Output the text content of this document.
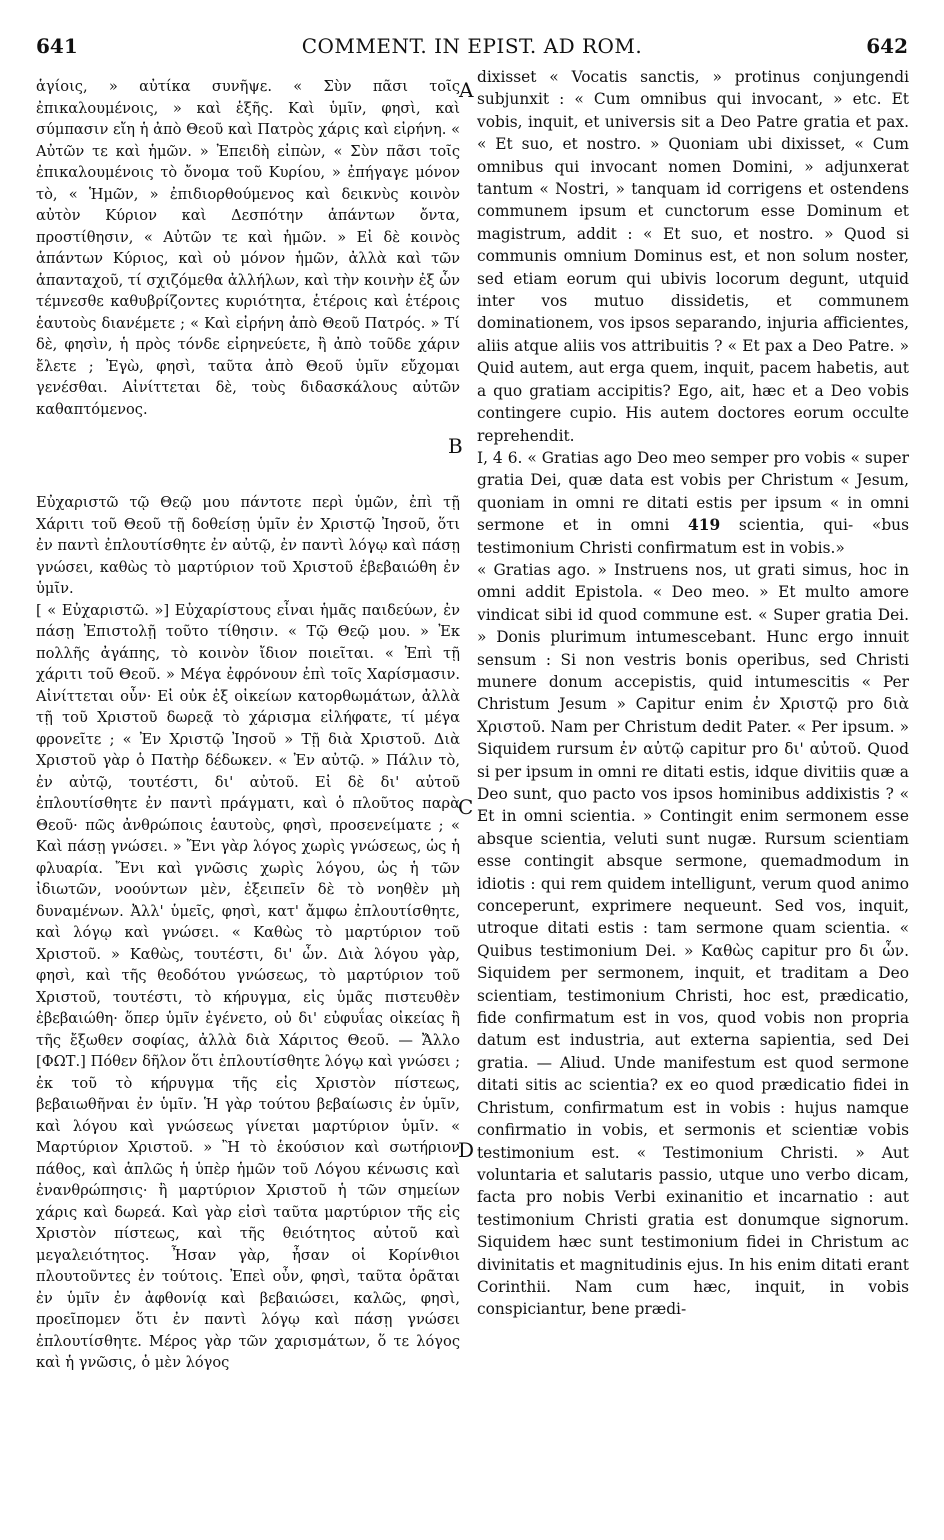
641	COMMENT. IN EPIST. AD ROM.	642

ἁγίοις, » αὐτίκα συνῆψε. « Σὺν πᾶσι τοῖς ἐπικαλουμένοις, » καὶ ἑξῆς. Καὶ ὑμῖν, φησὶ, καὶ σύμπασιν εἴη ἡ ἀπὸ Θεοῦ καὶ Πατρὸς χάρις καὶ εἰρήνη. « Αὐτῶν τε καὶ ἡμῶν. » Ἐπειδὴ εἰπὼν, « Σὺν πᾶσι τοῖς ἐπικαλουμένοις τὸ ὄνομα τοῦ Κυρίου, » ἐπήγαγε μόνον τὸ, « Ἡμῶν, » ἐπιδιορθούμενος καὶ δεικνὺς κοινὸν αὐτὸν Κύριον καὶ Δεσπότην ἁπάντων ὄντα, προστίθησιν, « Αὐτῶν τε καὶ ἡμῶν. » Εἰ δὲ κοινὸς ἁπάντων Κύριος, καὶ οὐ μόνον ἡμῶν, ἀλλὰ καὶ τῶν ἁπανταχοῦ, τί σχιζόμεθα ἀλλήλων, καὶ τὴν κοινὴν ἐξ ὧν τέμνεσθε καθυβρίζοντες κυριότητα, ἑτέροις καὶ ἑτέροις ἑαυτοὺς διανέμετε ; « Καὶ εἰρήνη ἀπὸ Θεοῦ Πατρός. » Τί δὲ, φησὶν, ἡ πρὸς τόνδε εἰρηνεύετε, ἢ ἀπὸ τοῦδε χάριν ἔλετε ; Ἐγὼ, φησὶ, ταῦτα ἀπὸ Θεοῦ ὑμῖν εὔχομαι γενέσθαι. Αἰνίττεται δὲ, τοὺς διδασκάλους αὐτῶν καθαπτόμενος.

Εὐχαριστῶ τῷ Θεῷ μου πάντοτε περὶ ὑμῶν, ἐπὶ τῇ Χάριτι τοῦ Θεοῦ τῇ δοθείσῃ ὑμῖν ἐν Χριστῷ Ἰησοῦ, ὅτι ἐν παντὶ ἐπλουτίσθητε ἐν αὐτῷ, ἐν παντὶ λόγῳ καὶ πάσῃ γνώσει, καθὼς τὸ μαρτύριον τοῦ Χριστοῦ ἐβεβαιώθη ἐν ὑμῖν.

[ « Εὐχαριστῶ. »] Εὐχαρίστους εἶναι ἡμᾶς παιδεύων, ἐν πάσῃ Ἐπιστολῇ τοῦτο τίθησιν. « Τῷ Θεῷ μου. » Ἐκ πολλῆς ἀγάπης, τὸ κοινὸν ἴδιον ποιεῖται. « Ἐπὶ τῇ χάριτι τοῦ Θεοῦ. » Μέγα ἐφρόνουν ἐπὶ τοῖς Χαρίσμασιν. Αἰνίττεται οὖν· Εἰ οὐκ ἐξ οἰκείων κατορθωμάτων, ἀλλὰ τῇ τοῦ Χριστοῦ δωρεᾷ τὸ χάρισμα εἰλήφατε, τί μέγα φρονεῖτε ; « Ἐν Χριστῷ Ἰησοῦ » Τῇ διὰ Χριστοῦ. Διὰ Χριστοῦ γὰρ ὁ Πατὴρ δέδωκεν. « Ἐν αὐτῷ. » Πάλιν τὸ, ἐν αὐτῷ, τουτέστι, δι' αὐτοῦ. Εἰ δὲ δι' αὐτοῦ ἐπλουτίσθητε ἐν παντὶ πράγματι, καὶ ὁ πλοῦτος παρὰ Θεοῦ· πῶς ἀνθρώποις ἑαυτοὺς, φησὶ, προσενείματε ; « Καὶ πάσῃ γνώσει. » Ἔνι γὰρ λόγος χωρὶς γνώσεως, ὡς ἡ φλυαρία. Ἔνι καὶ γνῶσις χωρὶς λόγου, ὡς ἡ τῶν ἰδιωτῶν, νοούντων μὲν, ἐξειπεῖν δὲ τὸ νοηθὲν μὴ δυναμένων. Ἀλλ' ὑμεῖς, φησὶ, κατ' ἄμφω ἐπλουτίσθητε, καὶ λόγῳ καὶ γνώσει. « Καθὼς τὸ μαρτύριον τοῦ Χριστοῦ. » Καθὼς, τουτέστι, δι' ὧν. Διὰ λόγου γὰρ, φησὶ, καὶ τῆς θεοδότου γνώσεως, τὸ μαρτύριον τοῦ Χριστοῦ, τουτέστι, τὸ κήρυγμα, εἰς ὑμᾶς πιστευθὲν ἐβεβαιώθη· ὅπερ ὑμῖν ἐγένετο, οὐ δι' εὐφυΐας οἰκείας ἢ τῆς ἔξωθεν σοφίας, ἀλλὰ διὰ Χάριτος Θεοῦ. — Ἄλλο [ΦΩΤ.] Πόθεν δῆλον ὅτι ἐπλουτίσθητε λόγῳ καὶ γνώσει ; ἐκ τοῦ τὸ κήρυγμα τῆς εἰς Χριστὸν πίστεως, βεβαιωθῆναι ἐν ὑμῖν. Ἡ γὰρ τούτου βεβαίωσις ἐν ὑμῖν, καὶ λόγου καὶ γνώσεως γίνεται μαρτύριον ὑμῖν. « Μαρτύριον Χριστοῦ. » Ἢ τὸ ἑκούσιον καὶ σωτήριον πάθος, καὶ ἁπλῶς ἡ ὑπὲρ ἡμῶν τοῦ Λόγου κένωσις καὶ ἐνανθρώπησις· ἢ μαρτύριον Χριστοῦ ἡ τῶν σημείων χάρις καὶ δωρεά. Καὶ γὰρ εἰσὶ ταῦτα μαρτύριον τῆς εἰς Χριστὸν πίστεως, καὶ τῆς θειότητος αὐτοῦ καὶ μεγαλειότητος. Ἦσαν γὰρ, ἦσαν οἱ Κορίνθιοι πλουτοῦντες ἐν τούτοις. Ἐπεὶ οὖν, φησὶ, ταῦτα ὁρᾶται ἐν ὑμῖν ἐν ἀφθονίᾳ καὶ βεβαιώσει, καλῶς, φησὶ, προεῖπομεν ὅτι ἐν παντὶ λόγῳ καὶ πάσῃ γνώσει ἐπλουτίσθητε. Μέρος γὰρ τῶν χαρισμάτων, ὅ τε λόγος καὶ ἡ γνῶσις, ὁ μὲν λόγος

dixisset « Vocatis sanctis, » protinus conjungendi subjunxit : « Cum omnibus qui invocant, » etc. Et vobis, inquit, et universis sit a Deo Patre gratia et pax. « Et suo, et nostro. » Quoniam ubi dixisset, « Cum omnibus qui invocant nomen Domini, » adjunxerat tantum « Nostri, » tanquam id corrigens et ostendens communem ipsum et cunctorum esse Dominum et magistrum, addit : « Et suo, et nostro. » Quod si communis omnium Dominus est, et non solum noster, sed etiam eorum qui ubivis locorum degunt, utquid inter vos mutuo dissidetis, et communem dominationem, vos ipsos separando, injuria afficientes, aliis atque aliis vos attribuitis ? « Et pax a Deo Patre. » Quid autem, aut erga quem, inquit, pacem habetis, aut a quo gratiam accipitis? Ego, ait, hæc et a Deo vobis contingere cupio. His autem doctores eorum occulte reprehendit.

I, 4 6. « Gratias ago Deo meo semper pro vobis « super gratia Dei, quæ data est vobis per Christum « Jesum, quoniam in omni re ditati estis per ipsum « in omni sermone et in omni 419 scientia, qui- «bus testimonium Christi confirmatum est in vobis.»

« Gratias ago. » Instruens nos, ut grati simus, hoc in omni addit Epistola. « Deo meo. » Et multo amore vindicat sibi id quod commune est. « Super gratia Dei. » Donis plurimum intumescebant. Hunc ergo innuit sensum : Si non vestris bonis operibus, sed Christi munere donum accepistis, quid intumescitis « Per Christum Jesum » Capitur enim ἐν Χριστῷ pro διὰ Χριστοῦ. Nam per Christum dedit Pater. « Per ipsum. » Siquidem rursum ἐν αὐτῷ capitur pro δι' αὐτοῦ. Quod si per ipsum in omni re ditati estis, idque divitiis quæ a Deo sunt, quo pacto vos ipsos hominibus addixistis ? « Et in omni scientia. » Contingit enim sermonem esse absque scientia, veluti sunt nugæ. Rursum scientiam esse contingit absque sermone, quemadmodum in idiotis : qui rem quidem intelligunt, verum quod animo conceperunt, exprimere nequeunt. Sed vos, inquit, utroque ditati estis : tam sermone quam scientia. « Quibus testimonium Dei. » Καθὼς capitur pro δι ὧν. Siquidem per sermonem, inquit, et traditam a Deo scientiam, testimonium Christi, hoc est, prædicatio, fide confirmatum est in vos, quod vobis non propria datum est industria, aut externa sapientia, sed Dei gratia. — Aliud. Unde manifestum est quod sermone ditati sitis ac scientia? ex eo quod prædicatio fidei in Christum, confirmatum est in vobis : hujus namque confirmatio in vobis, et sermonis et scientiæ vobis testimonium est. « Testimonium Christi. » Aut voluntaria et salutaris passio, utque uno verbo dicam, facta pro nobis Verbi exinanitio et incarnatio : aut testimonium Christi gratia est donumque signorum. Siquidem hæc sunt testimonium fidei in Christum ac divinitatis et magnitudinis ejus. In his enim ditati erant Corinthii. Nam cum hæc, inquit, in vobis conspiciantur, bene prædi-

A
B
C
D
